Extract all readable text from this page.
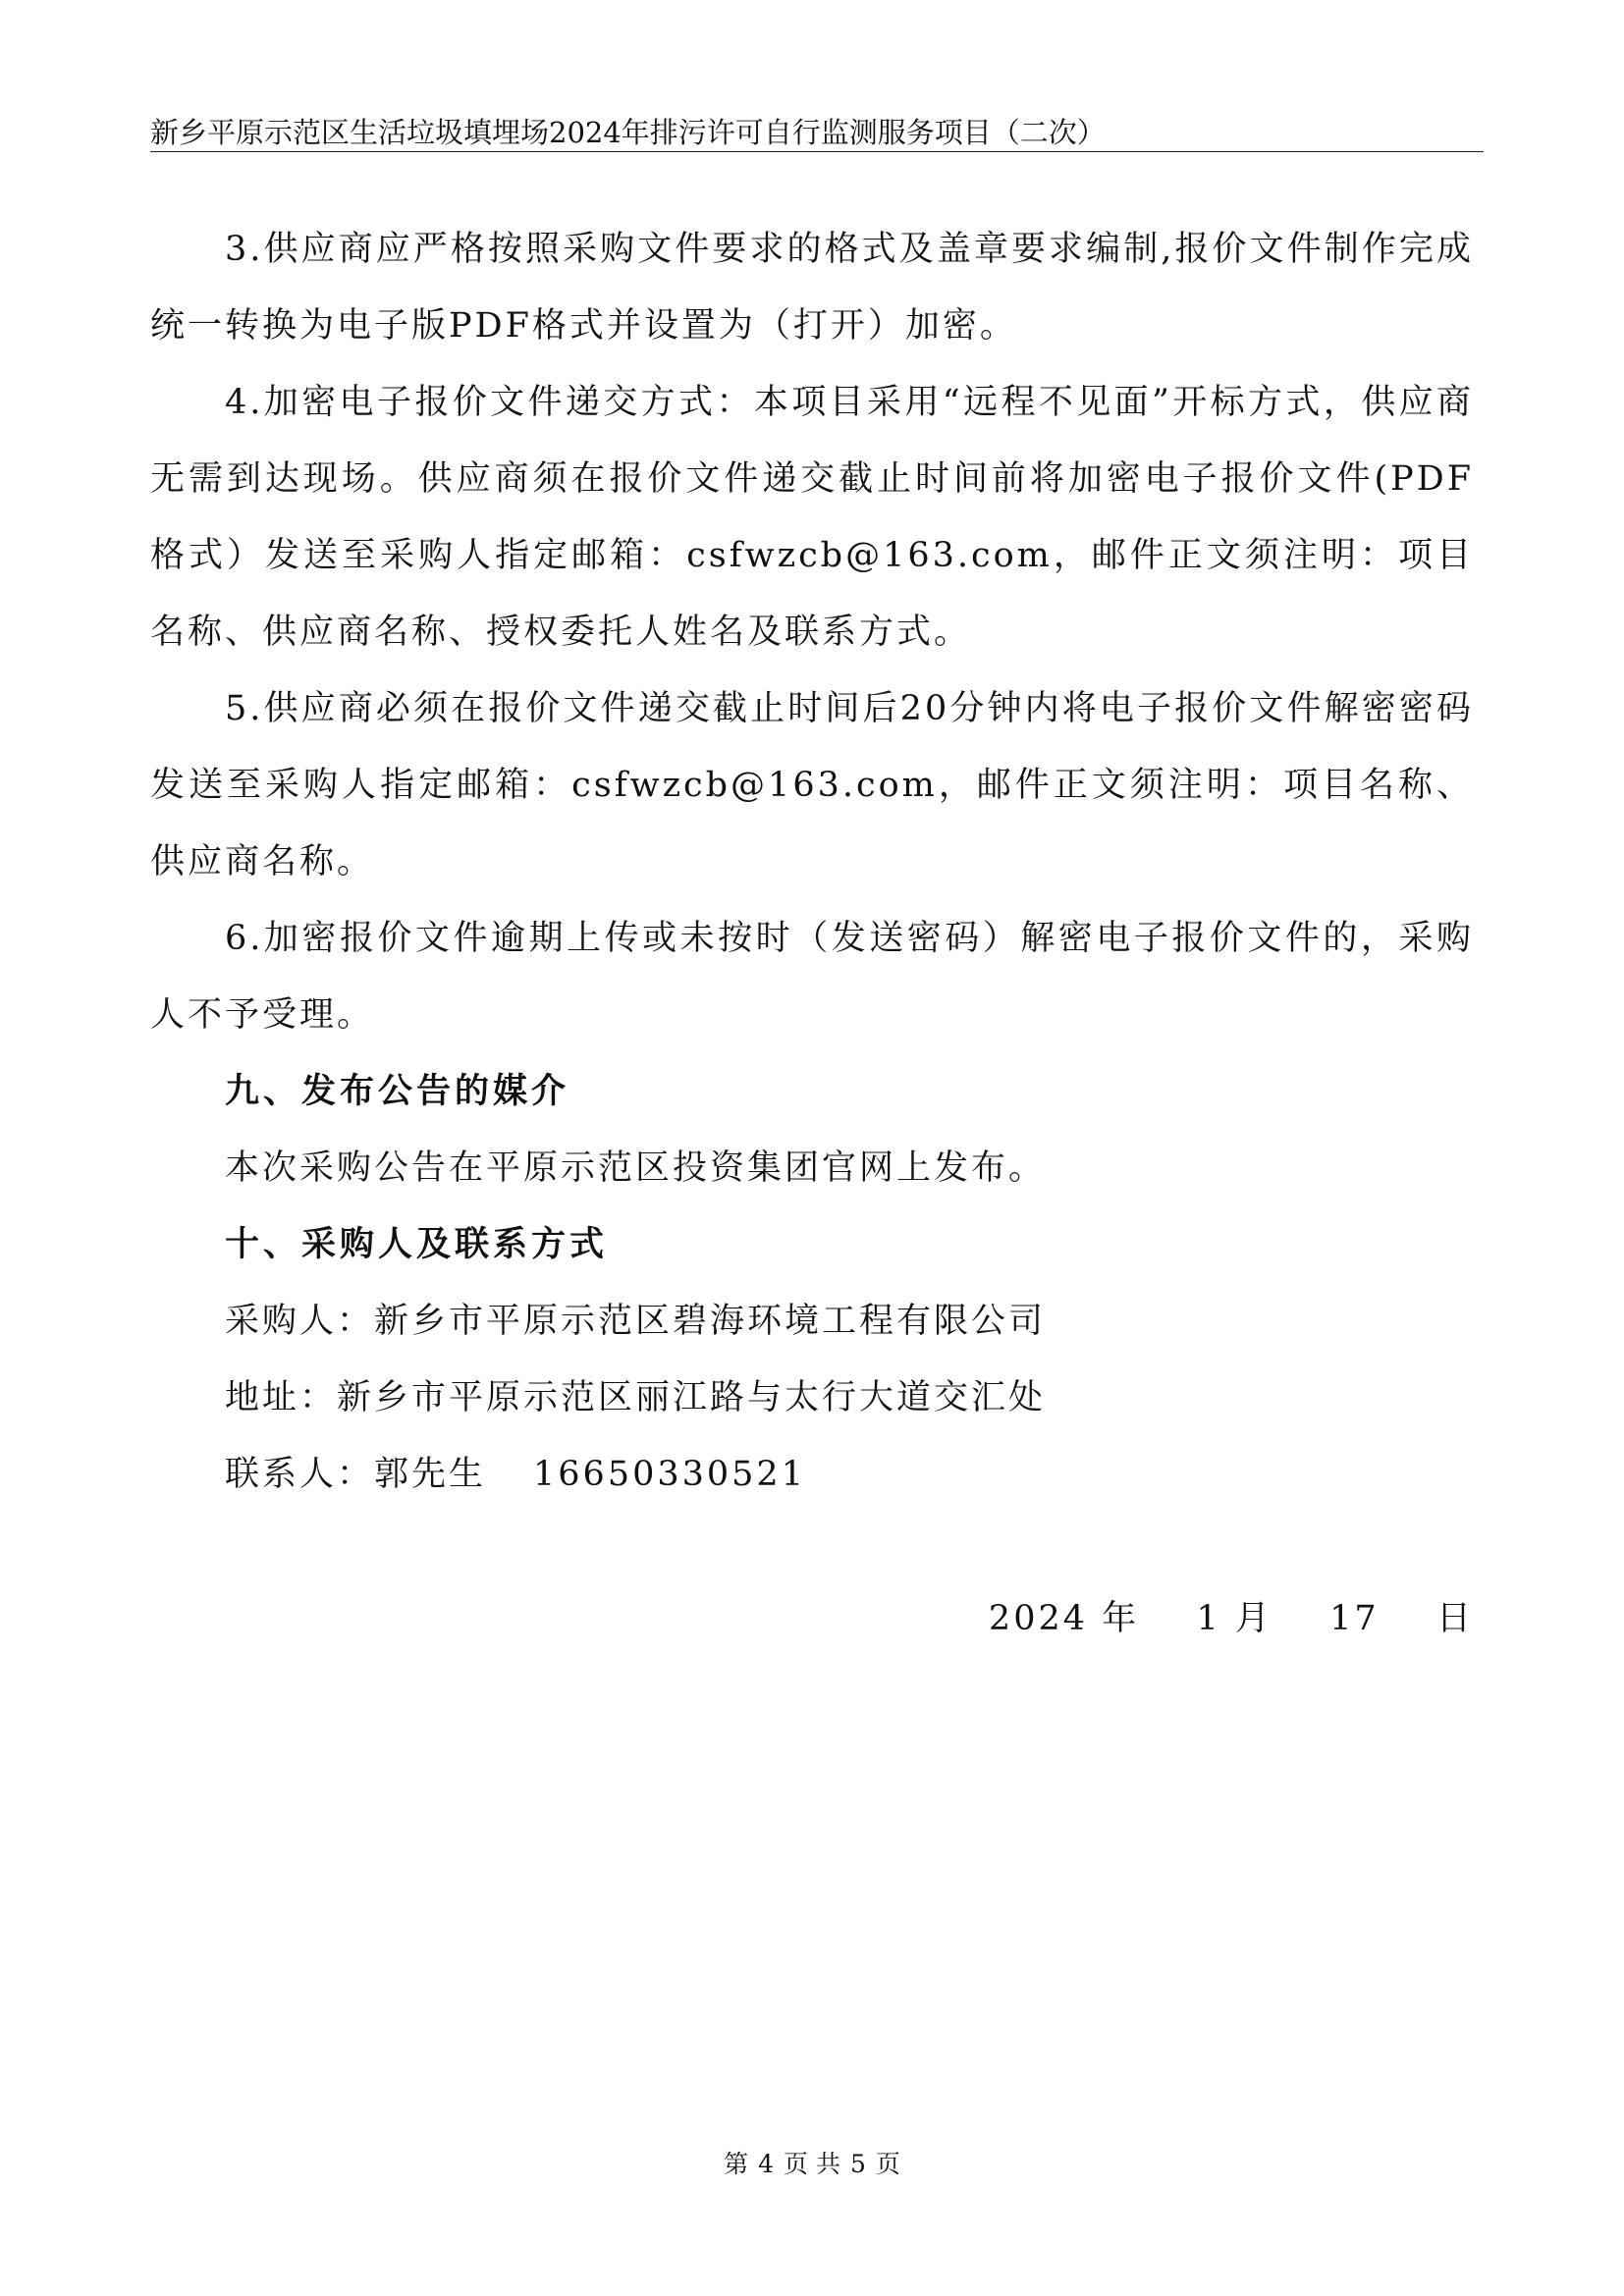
新乡平原示范区生活垃圾填埋场2024年排污许可自行监测服务项目（二次）

3.供应商应严格按照采购文件要求的格式及盖章要求编制,报价文件制作完成统一转换为电子版PDF格式并设置为（打开）加密。

4.加密电子报价文件递交方式：本项目采用“远程不见面”开标方式，供应商无需到达现场。供应商须在报价文件递交截止时间前将加密电子报价文件(PDF格式）发送至采购人指定邮箱：csfwzcb@163.com，邮件正文须注明：项目名称、供应商名称、授权委托人姓名及联系方式。

5.供应商必须在报价文件递交截止时间后20分钟内将电子报价文件解密密码发送至采购人指定邮箱：csfwzcb@163.com，邮件正文须注明：项目名称、供应商名称。

6.加密报价文件逾期上传或未按时（发送密码）解密电子报价文件的，采购人不予受理。

九、发布公告的媒介

本次采购公告在平原示范区投资集团官网上发布。

十、采购人及联系方式

采购人：新乡市平原示范区碧海环境工程有限公司

地址：新乡市平原示范区丽江路与太行大道交汇处

联系人：郭先生 16650330521

2024 年 1 月 17 日
第 4 页 共 5 页
